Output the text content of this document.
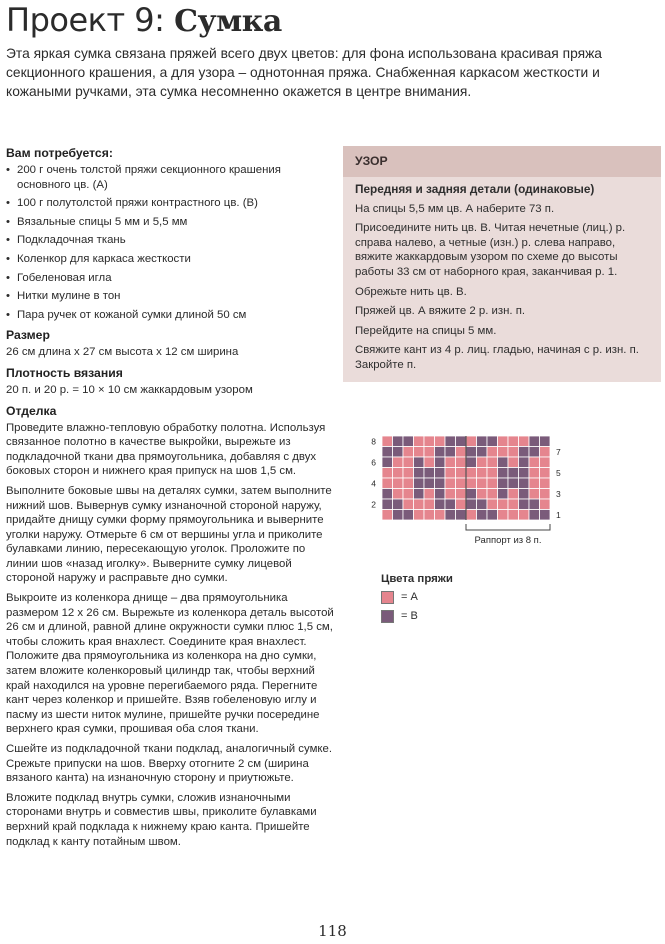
Проект 9: Сумка

Эта яркая сумка связана пряжей всего двух цветов: для фона использована красивая пряжа секционного крашения, а для узора – однотонная пряжа. Снабженная каркасом жесткости и кожаными ручками, эта сумка несомненно окажется в центре внимания.

Вам потребуется:
• 200 г очень толстой пряжи секционного крашения основного цв. (А)
• 100 г полутолстой пряжи контрастного цв. (В)
• Вязальные спицы 5 мм и 5,5 мм
• Подкладочная ткань
• Коленкор для каркаса жесткости
• Гобеленовая игла
• Нитки мулине в тон
• Пара ручек от кожаной сумки длиной 50 см
Размер

26 см длина x 27 см высота x 12 см ширина

Плотность вязания

20 п. и 20 р. = 10 × 10 см жаккардовым узором

Отделка

Проведите влажно-тепловую обработку полотна. Используя связанное полотно в качестве выкройки, вырежьте из подкладочной ткани два прямоугольника, добавляя с двух боковых сторон и нижнего края припуск на шов 1,5 см.

Выполните боковые швы на деталях сумки, затем выполните нижний шов. Вывернув сумку изнаночной стороной наружу, придайте днищу сумки форму прямоугольника и выверните уголки наружу. Отмерьте 6 см от вершины угла и приколите булавками линию, пересекающую уголок. Проложите по линии шов «назад иголку». Выверните сумку лицевой стороной наружу и расправьте дно сумки.

Выкроите из коленкора днище – два прямоугольника размером 12 x 26 см. Вырежьте из коленкора деталь высотой 26 см и длиной, равной длине окружности сумки плюс 1,5 см, чтобы сложить края внахлест. Соедините края внахлест. Положите два прямоугольника из коленкора на дно сумки, затем вложите коленкоровый цилиндр так, чтобы верхний край находился на уровне перегибаемого ряда. Перегните кант через коленкор и пришейте. Взяв гобеленовую иглу и пасму из шести ниток мулине, пришейте ручки посередине верхнего края сумки, прошивая оба слоя ткани.

Сшейте из подкладочной ткани подклад, аналогичный сумке. Срежьте припуски на шов. Вверху отогните 2 см (ширина вязаного канта) на изнаночную сторону и приутюжьте.

Вложите подклад внутрь сумки, сложив изнаночными сторонами внутрь и совместив швы, приколите булавками верхний край подклада к нижнему краю канта. Пришейте подклад к канту потайным швом.

УЗОР
Передняя и задняя детали (одинаковые)

На спицы 5,5 мм цв. А наберите 73 п.

Присоедините нить цв. В. Читая нечетные (лиц.) р. справа налево, а четные (изн.) р. слева направо, вяжите жаккардовым узором по схеме до высоты работы 33 см от наборного края, заканчивая р. 1.

Обрежьте нить цв. В.

Пряжей цв. А вяжите 2 р. изн. п.

Перейдите на спицы 5 мм.

Свяжите кант из 4 р. лиц. гладью, начиная с р. изн. п. Закройте п.

8
6
4
2
7
5
3
1
Раппорт из 8 п.
Цвета пряжи
= А
= В
118
